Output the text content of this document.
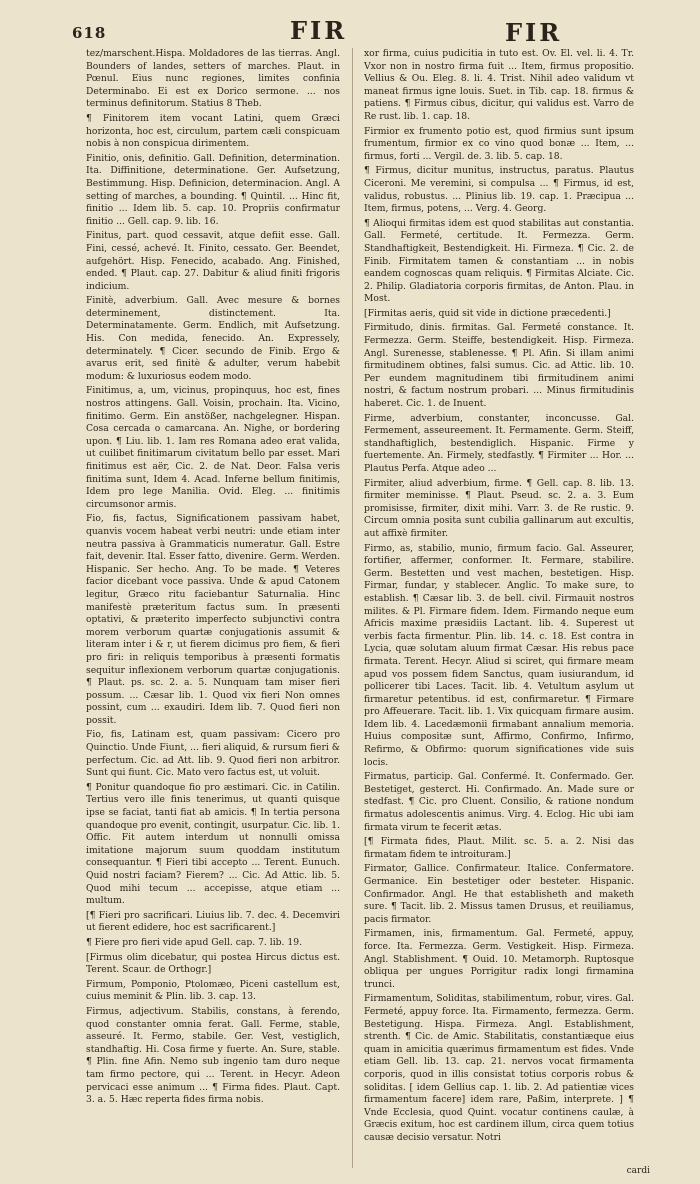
618	FIR	FIR

tez/marschent.Hispa. Moldadores de las tierras. Angl. Bounders of landes, setters of marches. Plaut. in Pœnul. Eius nunc regiones, limites confinia Determinabo. Ei est ex Dorico sermone. ... nos terminus definitorum. Statius 8 Theb.

¶ Finitorem item vocant Latini, quem Græci horizonta, hoc est, circulum, partem cæli conspicuam nobis à non conspicua dirimentem.

Finitio, onis, definitio. Gall. Definition, determination. Ita. Diffinitione, determinatione. Ger. Aufsetzung, Bestimmung. Hisp. Definicion, determinacion. Angl. A setting of marches, a bounding. ¶ Quintil. ... Hinc fit, finitio ... Idem lib. 5. cap. 10. Propriis confirmatur finitio ... Gell. cap. 9. lib. 16.

Finitus, part. quod cessavit, atque defiit esse. Gall. Fini, cessé, achevé. It. Finito, cessato. Ger. Beendet, aufgehört. Hisp. Fenecido, acabado. Ang. Finished, ended. ¶ Plaut. cap. 27. Dabitur & aliud finiti frigoris indicium.

Finitè, adverbium. Gall. Avec mesure & bornes determinement, distinctement. Ita. Determinatamente. Germ. Endlich, mit Aufsetzung. His. Con medida, fenecido. An. Expressely, determinately. ¶ Cicer. secundo de Finib. Ergo & avarus erit, sed finitè & adulter, verum habebit modum: & luxuriosus eodem modo.

Finitimus, a, um, vicinus, propinquus, hoc est, fines nostros attingens. Gall. Voisin, prochain. Ita. Vicino, finitimo. Germ. Ein anstößer, nachgelegner. Hispan. Cosa cercada o camarcana. An. Nighe, or bordering upon. ¶ Liu. lib. 1. Iam res Romana adeo erat valida, ut cuilibet finitimarum civitatum bello par esset. Mari finitimus est aër, Cic. 2. de Nat. Deor. Falsa veris finitima sunt, Idem 4. Acad. Inferne bellum finitimis, Idem pro lege Manilia. Ovid. Eleg. ... finitimis circumsonor armis.

Fio, fis, factus, Significationem passivam habet, quanvis vocem habeat verbi neutri: unde etiam inter neutra passiva à Grammaticis numeratur. Gall. Estre fait, devenir. Ital. Esser fatto, divenire. Germ. Werden. Hispanic. Ser hecho. Ang. To be made. ¶ Veteres facior dicebant voce passiva. Unde & apud Catonem legitur, Græco ritu faciebantur Saturnalia. Hinc manifestè præteritum factus sum. In præsenti optativi, & præterito imperfecto subjunctivi contra morem verborum quartæ conjugationis assumit & literam inter i & r, ut fierem dicimus pro fiem, & fieri pro firi: in reliquis temporibus à præsenti formatis sequitur inflexionem verborum quartæ conjugationis. ¶ Plaut. ps. sc. 2. a. 5. Nunquam tam miser fieri possum. ... Cæsar lib. 1. Quod vix fieri Non omnes possint, cum ... exaudiri. Idem lib. 7. Quod fieri non possit.

Fio, fis, Latinam est, quam passivam: Cicero pro Quinctio. Unde Fiunt, ... fieri aliquid, & rursum fieri & perfectum. Cic. ad Att. lib. 9. Quod fieri non arbitror. Sunt qui fiunt. Cic. Mato vero factus est, ut voluit.

¶ Ponitur quandoque fio pro æstimari. Cic. in Catilin. Tertius vero ille finis tenerimus, ut quanti quisque ipse se faciat, tanti fiat ab amicis. ¶ In tertia persona quandoque pro evenit, contingit, usurpatur. Cic. lib. 1. Offic. Fit autem interdum ut nonnulli omissa imitatione majorum suum quoddam institutum consequantur. ¶ Fieri tibi accepto ... Terent. Eunuch. Quid nostri faciam? Fierem? ... Cic. Ad Attic. lib. 5. Quod mihi tecum ... accepisse, atque etiam ... multum.

[¶ Fieri pro sacrificari. Liuius lib. 7. dec. 4. Decemviri ut fierent edidere, hoc est sacrificarent.]

¶ Fiere pro fieri vide apud Gell. cap. 7. lib. 19.

[Firmus olim dicebatur, qui postea Hircus dictus est. Terent. Scaur. de Orthogr.]

Firmum, Pomponio, Ptolomæo, Piceni castellum est, cuius meminit & Plin. lib. 3. cap. 13.

Firmus, adjectivum. Stabilis, constans, à ferendo, quod constanter omnia ferat. Gall. Ferme, stable, asseuré. It. Fermo, stabile. Ger. Vest, vestiglich, standhaftig. Hi. Cosa firme y fuerte. An. Sure, stable. ¶ Plin. fine Afin. Nemo sub ingenio tam duro neque tam firmo pectore, qui ... Terent. in Hecyr. Adeon pervicaci esse animum ... ¶ Firma fides. Plaut. Capt. 3. a. 5. Hæc reperta fides firma nobis.

xor firma, cuius pudicitia in tuto est. Ov. El. vel. li. 4. Tr. Vxor non in nostro firma fuit ... Item, firmus propositio. Vellius & Ou. Eleg. 8. li. 4. Trist. Nihil adeo validum vt maneat firmus igne louis. Suet. in Tib. cap. 18. firmus & patiens. ¶ Firmus cibus, dicitur, qui validus est. Varro de Re rust. lib. 1. cap. 18.

Firmior ex frumento potio est, quod firmius sunt ipsum frumentum, firmior ex co vino quod bonæ ... Item, ... firmus, forti ... Vergil. de. 3. lib. 5. cap. 18.

¶ Firmus, dicitur munitus, instructus, paratus. Plautus Ciceroni. Me veremini, si compulsa ... ¶ Firmus, id est, validus, robustus. ... Plinius lib. 19. cap. 1. Præcipua ... Item, firmus, potens, ... Verg. 4. Georg.

¶ Alioqui firmitas idem est quod stabilitas aut constantia. Gall. Fermeté, certitude. It. Fermezza. Germ. Standhaftigkeit, Bestendigkeit. Hi. Firmeza. ¶ Cic. 2. de Finib. Firmitatem tamen & constantiam ... in nobis eandem cognoscas quam reliquis. ¶ Firmitas Alciate. Cic. 2. Philip. Gladiatoria corporis firmitas, de Anton. Plau. in Most.

[Firmitas aeris, quid sit vide in dictione præcedenti.]

Firmitudo, dinis. firmitas. Gal. Fermeté constance. It. Fermezza. Germ. Steiffe, bestendigkeit. Hisp. Firmeza. Angl. Surenesse, stablenesse. ¶ Pl. Afin. Si illam animi firmitudinem obtines, falsi sumus. Cic. ad Attic. lib. 10. Per eundem magnitudinem tibi firmitudinem animi nostri, & factum nostrum probari. ... Minus firmitudinis haberet. Cic. 1. de Inuent.

Firme, adverbium, constanter, inconcusse. Gal. Fermement, asseureement. It. Fermamente. Germ. Steiff, standhaftiglich, bestendiglich. Hispanic. Firme y fuertemente. An. Firmely, stedfastly. ¶ Firmiter ... Hor. ... Plautus Perfa. Atque adeo ...

Firmiter, aliud adverbium, firme. ¶ Gell. cap. 8. lib. 13. firmiter meminisse. ¶ Plaut. Pseud. sc. 2. a. 3. Eum promisisse, firmiter, dixit mihi. Varr. 3. de Re rustic. 9. Circum omnia posita sunt cubilia gallinarum aut excultis, aut affixè firmiter.

Firmo, as, stabilio, munio, firmum facio. Gal. Asseurer, fortifier, affermer, conformer. It. Fermare, stabilire. Germ. Bestetten und vest machen, bestetigen. Hisp. Firmar, fundar, y stablecer. Anglic. To make sure, to establish. ¶ Cæsar lib. 3. de bell. civil. Firmauit nostros milites. & Pl. Firmare fidem. Idem. Firmando neque eum Africis maxime præsidiis Lactant. lib. 4. Superest ut verbis facta firmentur. Plin. lib. 14. c. 18. Est contra in Lycia, quæ solutam aluum firmat Cæsar. His rebus pace firmata. Terent. Hecyr. Aliud si sciret, qui firmare meam apud vos possem fidem Sanctus, quam iusiurandum, id pollicerer tibi Laces. Tacit. lib. 4. Vetultum asylum ut firmaretur petentibus. id est, confirmaretur. ¶ Firmare pro Affeuerare. Tacit. lib. 1. Vix quicquam firmare ausim. Idem lib. 4. Lacedæmonii firmabant annalium memoria. Huius compositæ sunt, Affirmo, Confirmo, Infirmo, Refirmo, & Obfirmo: quorum significationes vide suis locis.

Firmatus, particip. Gal. Confermé. It. Confermado. Ger. Bestetiget, gesterct. Hi. Confirmado. An. Made sure or stedfast. ¶ Cic. pro Cluent. Consilio, & ratione nondum firmatus adolescentis animus. Virg. 4. Eclog. Hic ubi iam firmata virum te fecerit ætas.

[¶ Firmata fides, Plaut. Milit. sc. 5. a. 2. Nisi das firmatam fidem te introituram.]

Firmator, Gallice. Confirmateur. Italice. Confermatore. Germanice. Ein bestetiger oder besteter. Hispanic. Confirmador. Angl. He that establisheth and maketh sure. ¶ Tacit. lib. 2. Missus tamen Drusus, et reuiliamus, pacis firmator.

Firmamen, inis, firmamentum. Gal. Fermeté, appuy, force. Ita. Fermezza. Germ. Vestigkeit. Hisp. Firmeza. Angl. Stablishment. ¶ Ouid. 10. Metamorph. Ruptosque obliqua per ungues Porrigitur radix longi firmamina trunci.

Firmamentum, Soliditas, stabilimentum, robur, vires. Gal. Fermeté, appuy force. Ita. Firmamento, fermezza. Germ. Bestetigung. Hispa. Firmeza. Angl. Establishment, strenth. ¶ Cic. de Amic. Stabilitatis, constantiæque eius quam in amicitia quærimus firmamentum est fides. Vnde etiam Gell. lib. 13. cap. 21. nervos vocat firmamenta corporis, quod in illis consistat totius corporis robus & soliditas. [ idem Gellius cap. 1. lib. 2. Ad patientiæ vices firmamentum facere] idem rare, Paßim, interprete. ] ¶ Vnde Ecclesia, quod Quint. vocatur continens caulæ, à Græcis exitum, hoc est cardinem illum, circa quem totius causæ decisio versatur. Notri

cardi
